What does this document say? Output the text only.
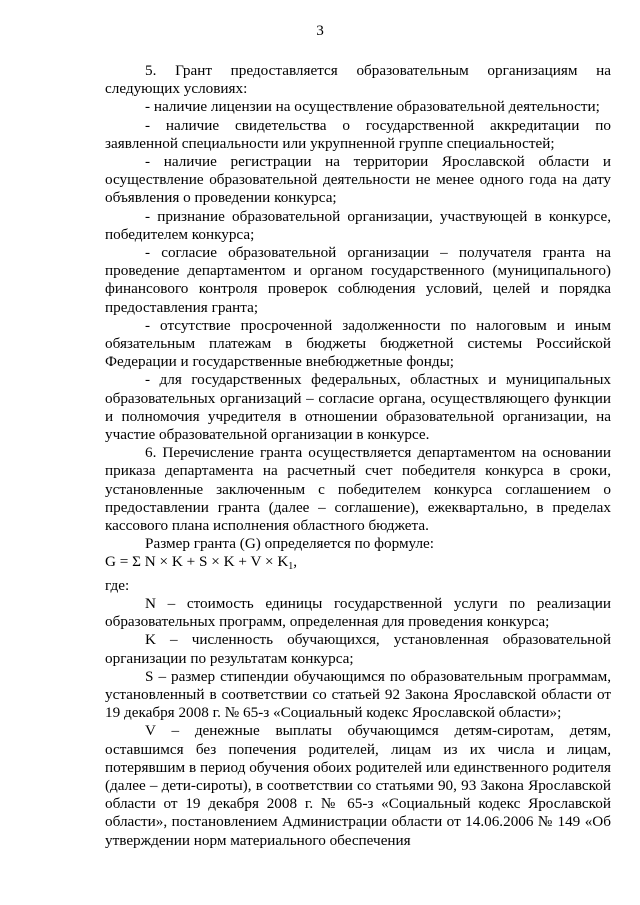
3

5. Грант предоставляется образовательным организациям на следующих условиях:

- наличие лицензии на осуществление образовательной деятельности;

- наличие свидетельства о государственной аккредитации по заявленной специальности или укрупненной группе специальностей;

- наличие регистрации на территории Ярославской области и осуществление образовательной деятельности не менее одного года на дату объявления о проведении конкурса;

- признание образовательной организации, участвующей в конкурсе, победителем конкурса;

- согласие образовательной организации – получателя гранта на проведение департаментом и органом государственного (муниципального) финансового контроля проверок соблюдения условий, целей и порядка предоставления гранта;

- отсутствие просроченной задолженности по налоговым и иным обязательным платежам в бюджеты бюджетной системы Российской Федерации и государственные внебюджетные фонды;

- для государственных федеральных, областных и муниципальных образовательных организаций – согласие органа, осуществляющего функции и полномочия учредителя в отношении образовательной организации, на участие образовательной организации в конкурсе.

6. Перечисление гранта осуществляется департаментом на основании приказа департамента на расчетный счет победителя конкурса в сроки, установленные заключенным с победителем конкурса соглашением о предоставлении гранта (далее – соглашение), ежеквартально, в пределах кассового плана исполнения областного бюджета.

Размер гранта (G) определяется по формуле:

G = Σ $N \times K + S \times K + V \times K_1$,

где:

N – стоимость единицы государственной услуги по реализации образовательных программ, определенная для проведения конкурса;

K – численность обучающихся, установленная образовательной организации по результатам конкурса;

S – размер стипендии обучающимся по образовательным программам, установленный в соответствии со статьей 92 Закона Ярославской области от 19 декабря 2008 г. № 65-з «Социальный кодекс Ярославской области»;

V – денежные выплаты обучающимся детям-сиротам, детям, оставшимся без попечения родителей, лицам из их числа и лицам, потерявшим в период обучения обоих родителей или единственного родителя (далее – дети-сироты), в соответствии со статьями 90, 93 Закона Ярославской области от 19 декабря 2008 г. № 65-з «Социальный кодекс Ярославской области», постановлением Администрации области от 14.06.2006 № 149 «Об утверждении норм материального обеспечения
